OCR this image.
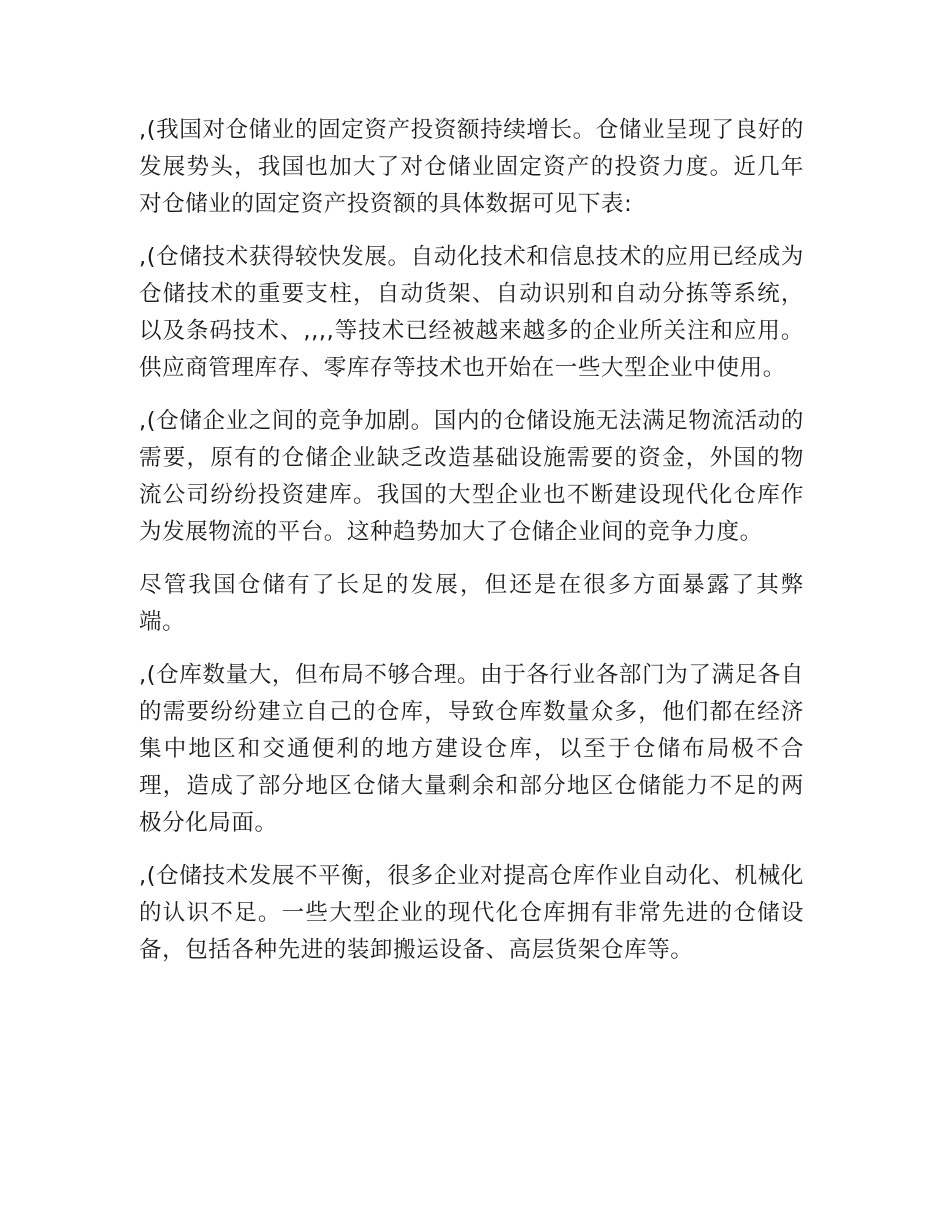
,(我国对仓储业的固定资产投资额持续增长。仓储业呈现了良好的发展势头，我国也加大了对仓储业固定资产的投资力度。近几年对仓储业的固定资产投资额的具体数据可见下表:

,(仓储技术获得较快发展。自动化技术和信息技术的应用已经成为仓储技术的重要支柱，自动货架、自动识别和自动分拣等系统，以及条码技术、,,,,等技术已经被越来越多的企业所关注和应用。供应商管理库存、零库存等技术也开始在一些大型企业中使用。

,(仓储企业之间的竞争加剧。国内的仓储设施无法满足物流活动的需要，原有的仓储企业缺乏改造基础设施需要的资金，外国的物流公司纷纷投资建库。我国的大型企业也不断建设现代化仓库作为发展物流的平台。这种趋势加大了仓储企业间的竞争力度。

尽管我国仓储有了长足的发展，但还是在很多方面暴露了其弊端。

,(仓库数量大，但布局不够合理。由于各行业各部门为了满足各自的需要纷纷建立自己的仓库，导致仓库数量众多，他们都在经济集中地区和交通便利的地方建设仓库，以至于仓储布局极不合理，造成了部分地区仓储大量剩余和部分地区仓储能力不足的两极分化局面。

,(仓储技术发展不平衡，很多企业对提高仓库作业自动化、机械化的认识不足。一些大型企业的现代化仓库拥有非常先进的仓储设备，包括各种先进的装卸搬运设备、高层货架仓库等。
